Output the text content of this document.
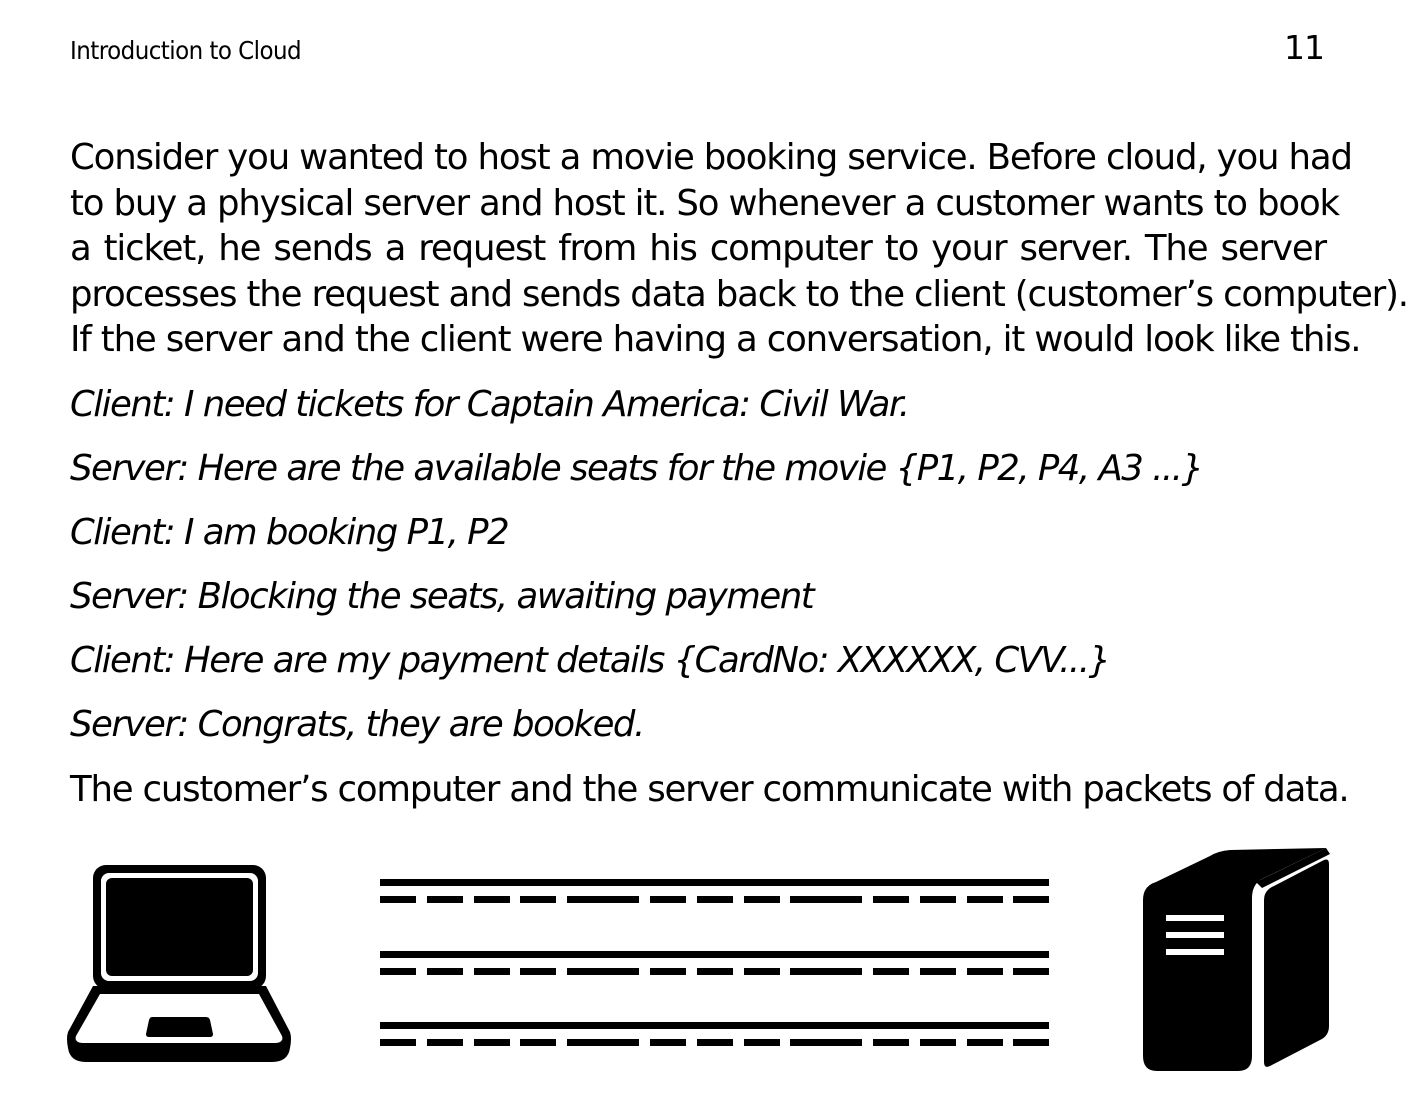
Introduction to Cloud	11
Consider you wanted to host a movie booking service. Before cloud, you had
to buy a physical server and host it. So whenever a customer wants to book
a ticket, he sends a request from his computer to your server. The server
processes the request and sends data back to the client (customer’s computer).
If the server and the client were having a conversation, it would look like this.
Client: I need tickets for Captain America: Civil War.
Server: Here are the available seats for the movie {P1, P2, P4, A3 ...}
Client: I am booking P1, P2
Server: Blocking the seats, awaiting payment
Client: Here are my payment details {CardNo: XXXXXX, CVV...}
Server: Congrats, they are booked.
The customer’s computer and the server communicate with packets of data.
